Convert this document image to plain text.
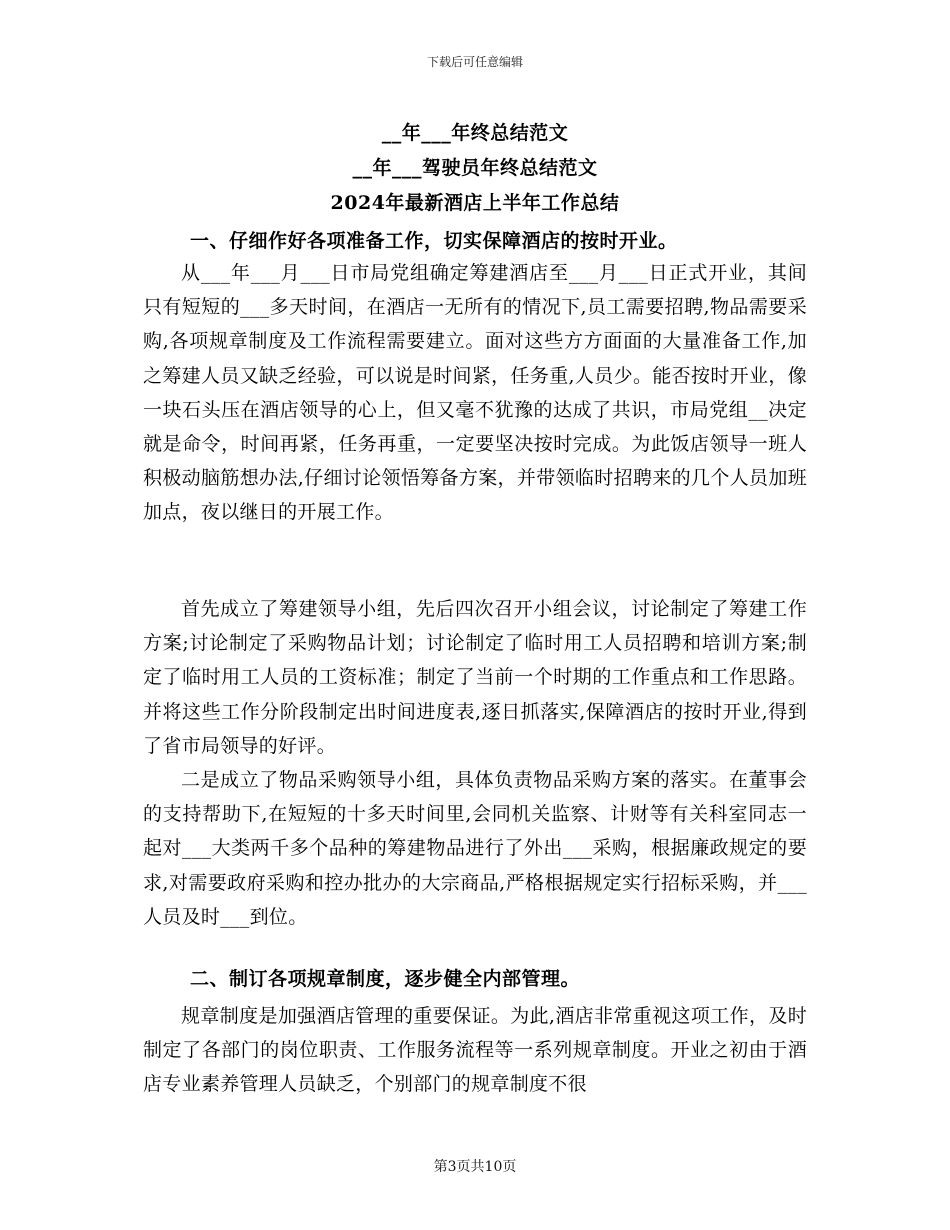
下载后可任意编辑
__年___年终总结范文
__年___驾驶员年终总结范文
2024年最新酒店上半年工作总结
一、仔细作好各项准备工作，切实保障酒店的按时开业。
从___年___月___日市局党组确定筹建酒店至___月___日正式开业，其间只有短短的___多天时间，在酒店一无所有的情况下,员工需要招聘,物品需要采购,各项规章制度及工作流程需要建立。面对这些方方面面的大量准备工作,加之筹建人员又缺乏经验，可以说是时间紧，任务重,人员少。能否按时开业，像一块石头压在酒店领导的心上，但又毫不犹豫的达成了共识，市局党组__决定就是命令，时间再紧，任务再重，一定要坚决按时完成。为此饭店领导一班人积极动脑筋想办法,仔细讨论领悟筹备方案，并带领临时招聘来的几个人员加班加点，夜以继日的开展工作。
首先成立了筹建领导小组，先后四次召开小组会议，讨论制定了筹建工作方案;讨论制定了采购物品计划；讨论制定了临时用工人员招聘和培训方案;制定了临时用工人员的工资标准；制定了当前一个时期的工作重点和工作思路。并将这些工作分阶段制定出时间进度表,逐日抓落实,保障酒店的按时开业,得到了省市局领导的好评。
二是成立了物品采购领导小组，具体负责物品采购方案的落实。在董事会的支持帮助下,在短短的十多天时间里,会同机关监察、计财等有关科室同志一起对___大类两千多个品种的筹建物品进行了外出___采购，根据廉政规定的要求,对需要政府采购和控办批办的大宗商品,严格根据规定实行招标采购，并___人员及时___到位。
二、制订各项规章制度，逐步健全内部管理。
规章制度是加强酒店管理的重要保证。为此,酒店非常重视这项工作，及时制定了各部门的岗位职责、工作服务流程等一系列规章制度。开业之初由于酒店专业素养管理人员缺乏，个别部门的规章制度不很
第3页共10页
